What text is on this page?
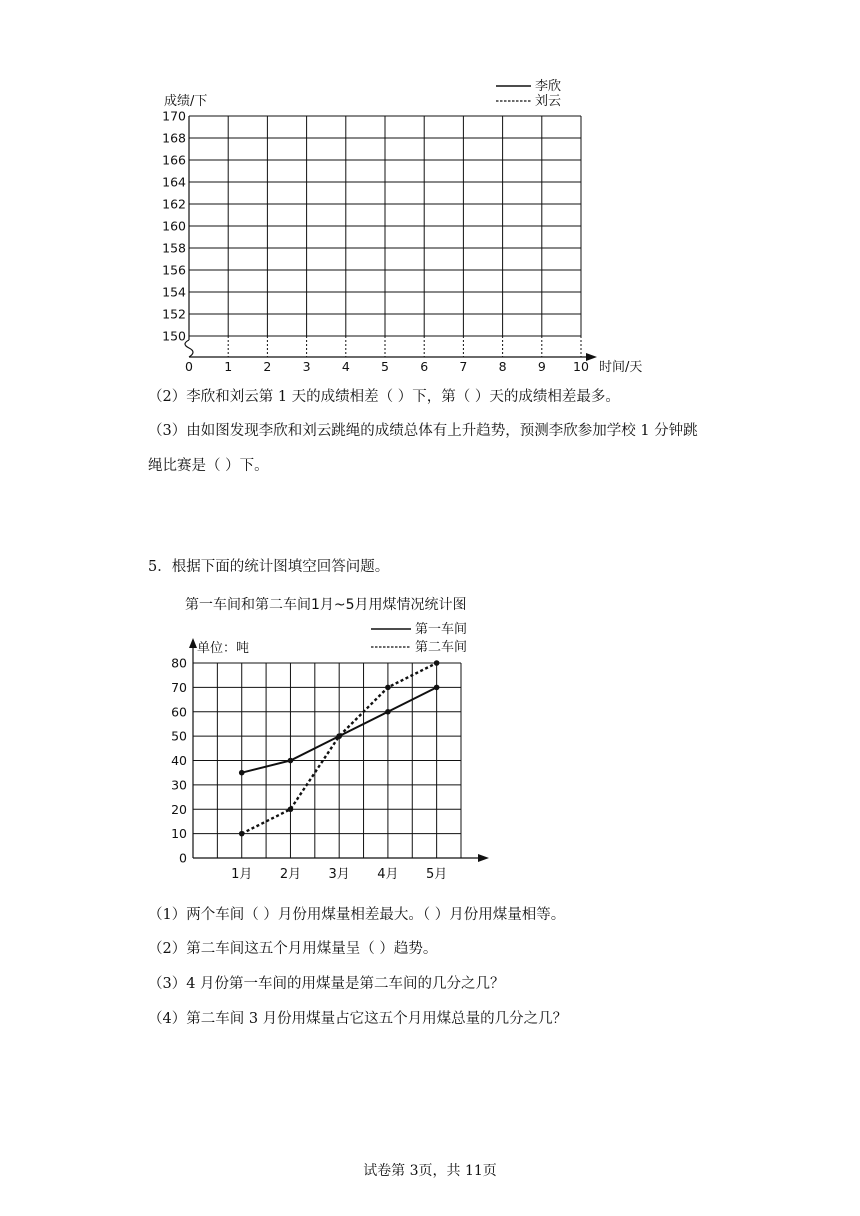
170
168
166
164
162
160
158
156
154
152
150
0 1 2 3 4 5 6 7 8 9 10
成绩/下
时间/天
李欣
刘云
（2）李欣和刘云第 1 天的成绩相差（ ）下，第（ ）天的成绩相差最多。
（3）由如图发现李欣和刘云跳绳的成绩总体有上升趋势，预测李欣参加学校 1 分钟跳
绳比赛是（ ）下。
5．根据下面的统计图填空回答问题。
第一车间和第二车间1月~5月用煤情况统计图
第一车间
第二车间
单位：吨
80
70
60
50
40
30
20
10
0
1月 2月 3月 4月 5月
（1）两个车间（ ）月份用煤量相差最大。（ ）月份用煤量相等。
（2）第二车间这五个月用煤量呈（ ）趋势。
（3）4 月份第一车间的用煤量是第二车间的几分之几？
（4）第二车间 3 月份用煤量占它这五个月用煤总量的几分之几？
试卷第 3页，共 11页
